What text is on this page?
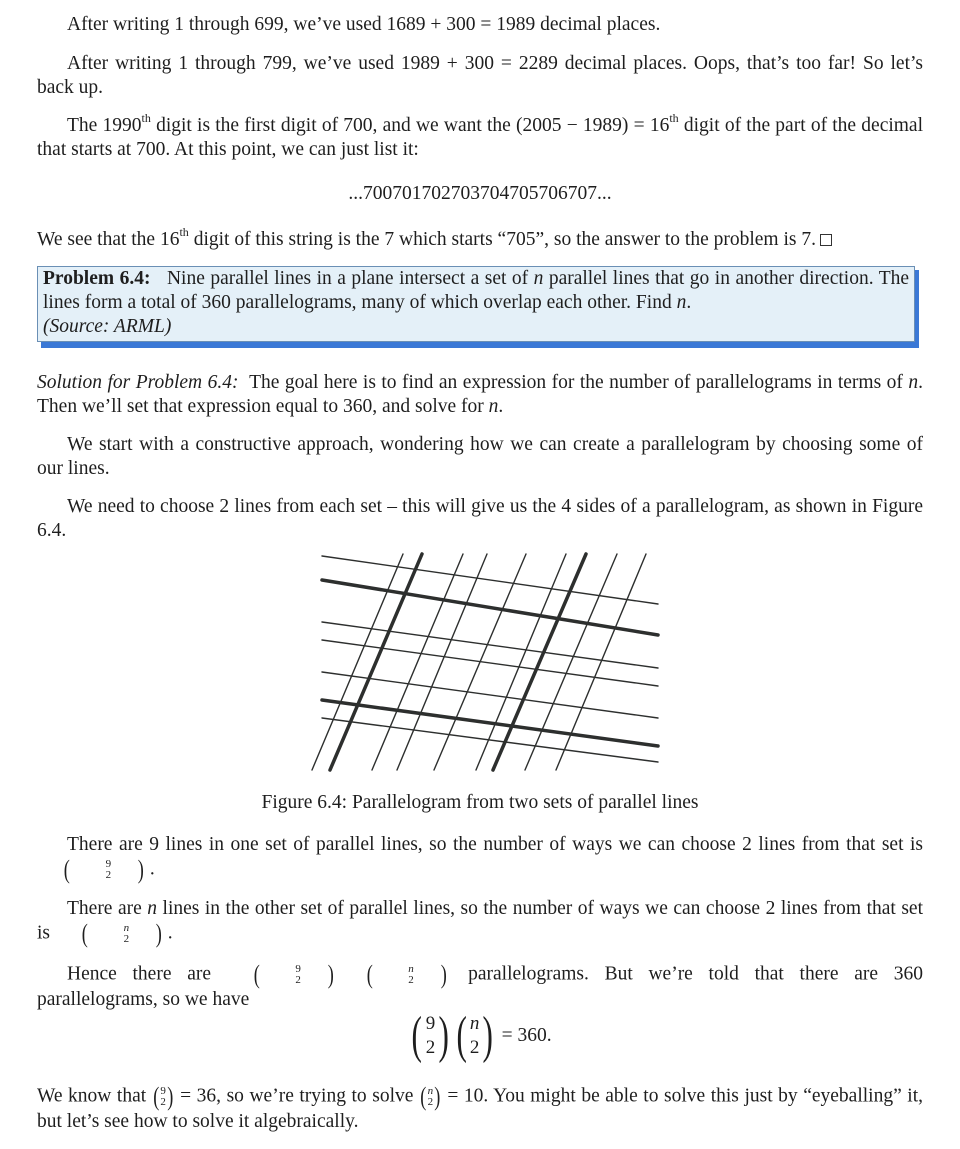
After writing 1 through 699, we’ve used 1689 + 300 = 1989 decimal places.

After writing 1 through 799, we’ve used 1989 + 300 = 2289 decimal places. Oops, that’s too far! So let’s back up.

The 1990th digit is the first digit of 700, and we want the (2005 − 1989) = 16th digit of the part of the decimal that starts at 700. At this point, we can just list it:

...700701702703704705706707...

We see that the 16th digit of this string is the 7 which starts “705”, so the answer to the problem is 7.

Problem 6.4: Nine parallel lines in a plane intersect a set of n parallel lines that go in another direction. The lines form a total of 360 parallelograms, many of which overlap each other. Find n.
(Source: ARML)

Solution for Problem 6.4: The goal here is to find an expression for the number of parallelograms in terms of n. Then we’ll set that expression equal to 360, and solve for n.

We start with a constructive approach, wondering how we can create a parallelogram by choosing some of our lines.

We need to choose 2 lines from each set – this will give us the 4 sides of a parallelogram, as shown in Figure 6.4.

Figure 6.4: Parallelogram from two sets of parallel lines

There are 9 lines in one set of parallel lines, so the number of ways we can choose 2 lines from that set is
(	9
2	) .

There are n lines in the other set of parallel lines, so the number of ways we can choose 2 lines from that set is	(	n
2	) .

Hence there are	(	9
2	)	(	n
2	) parallelograms. But we’re told that there are 360 parallelograms, so we have

( 9
2 ) ( n
2 ) = 360.

We know that ( 9
2 ) = 36, so we’re trying to solve ( n
2 ) = 10. You might be able to solve this just by “eyeballing” it, but let’s see how to solve it algebraically.
